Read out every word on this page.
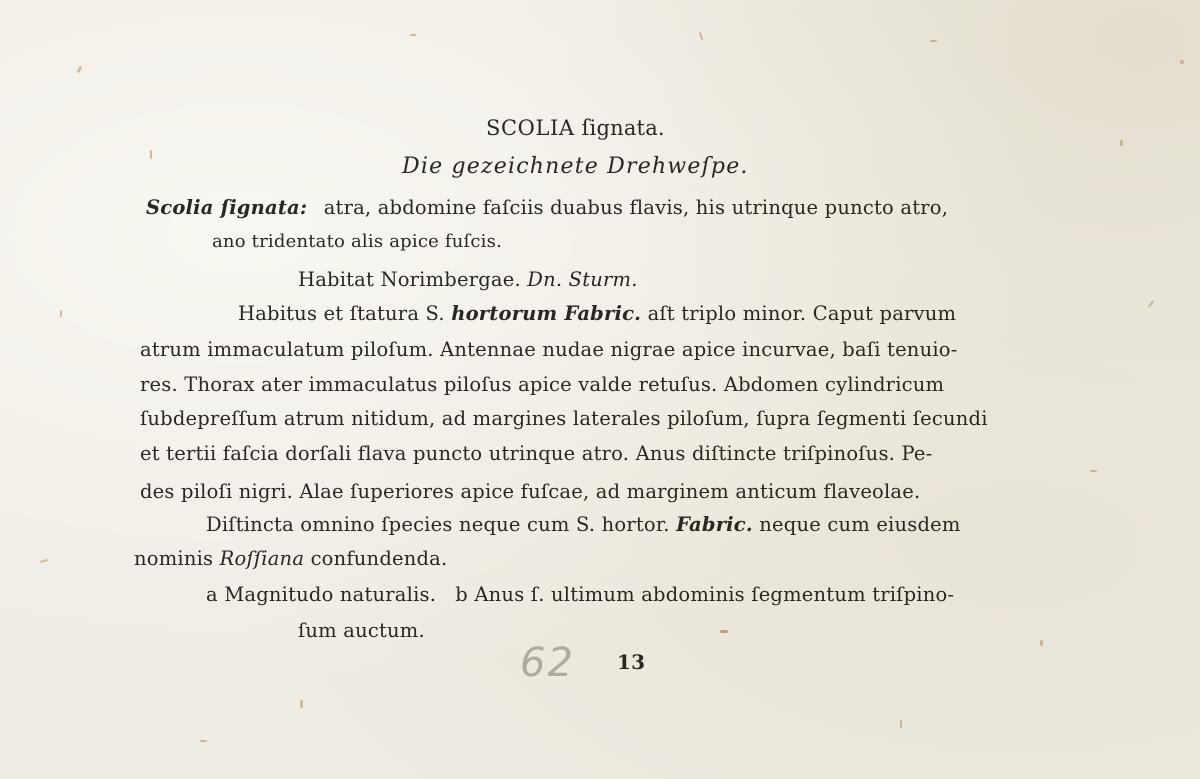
SCOLIA ſignata.
Die gezeichnete Drehweſpe.
Scolia ſignata: atra, abdomine faſciis duabus flavis, his utrinque puncto atro,
ano tridentato alis apice fuſcis.
Habitat Norimbergae. Dn. Sturm.
Habitus et ſtatura S. hortorum Fabric. aſt triplo minor. Caput parvum
atrum immaculatum piloſum. Antennae nudae nigrae apice incurvae, baſi tenuio-
res. Thorax ater immaculatus piloſus apice valde retuſus. Abdomen cylindricum
ſubdepreſſum atrum nitidum, ad margines laterales piloſum, ſupra ſegmenti ſecundi
et tertii faſcia dorſali flava puncto utrinque atro. Anus diſtincte triſpinoſus. Pe-
des piloſi nigri. Alae ſuperiores apice fuſcae, ad marginem anticum flaveolae.
Diſtincta omnino ſpecies neque cum S. hortor. Fabric. neque cum eiusdem
nominis Roſſiana confundenda.
a Magnitudo naturalis.   b Anus ſ. ultimum abdominis ſegmentum triſpino-
ſum auctum.
62 13
